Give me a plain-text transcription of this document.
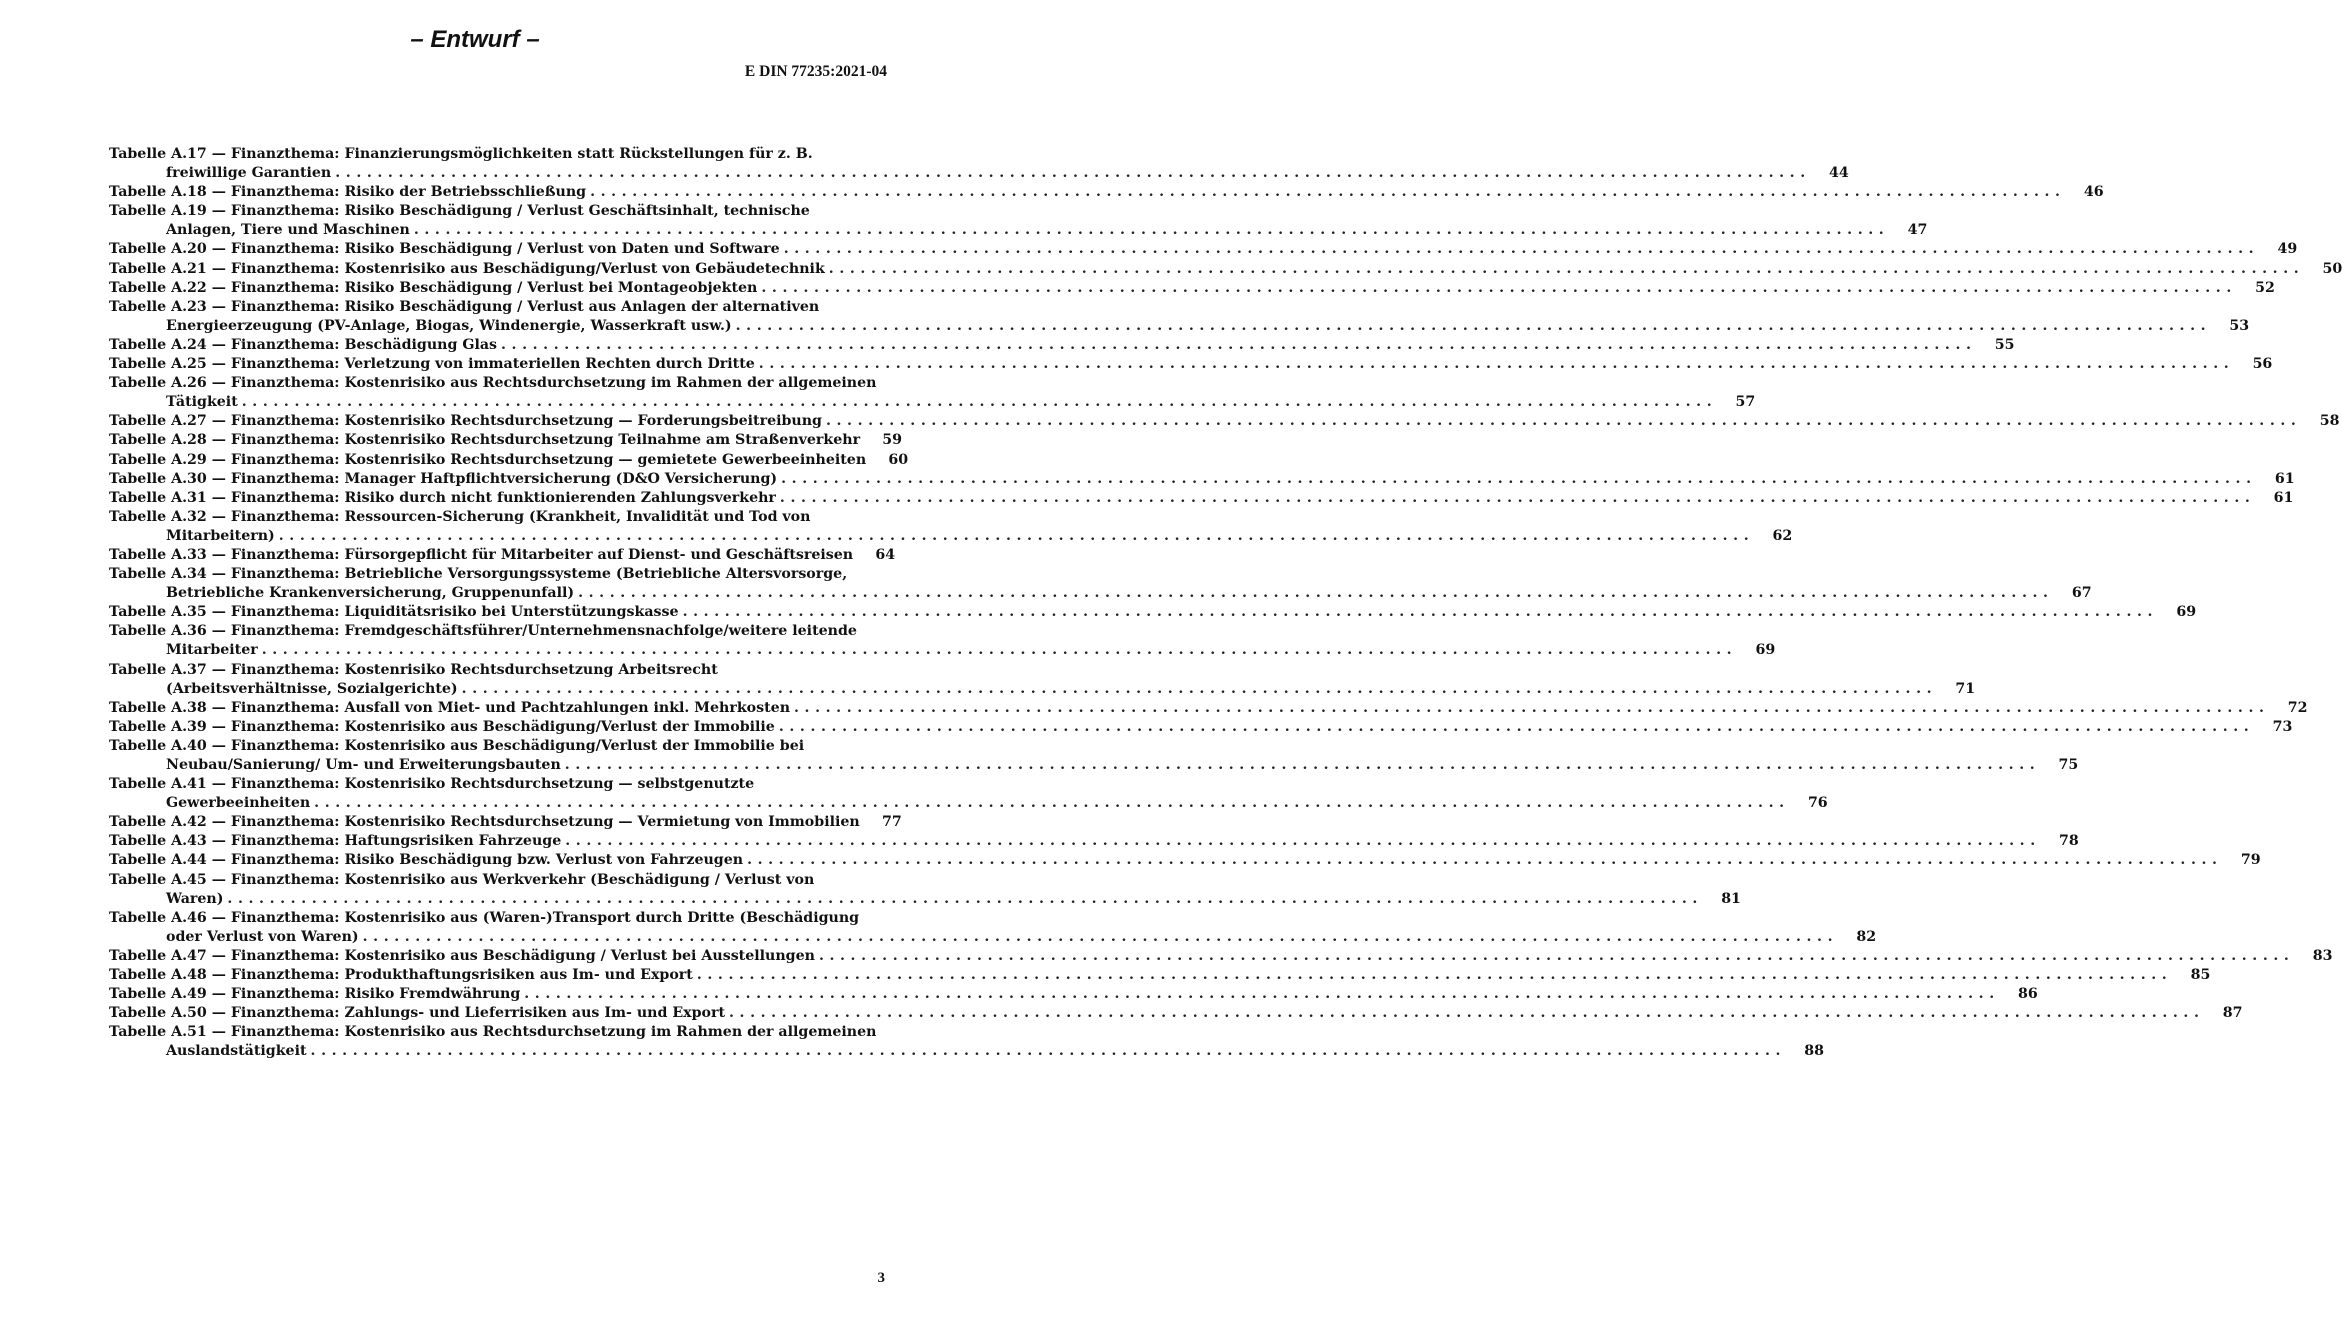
– Entwurf –
E DIN 77235:2021-04
Tabelle A.17 — Finanzthema: Finanzierungsmöglichkeiten statt Rückstellungen für z. B.
freiwillige Garantien ............................................................................................................................................	44
Tabelle A.18 — Finanzthema: Risiko der Betriebsschließung ............................................................................................................................................	46
Tabelle A.19 — Finanzthema: Risiko Beschädigung / Verlust Geschäftsinhalt, technische
Anlagen, Tiere und Maschinen ............................................................................................................................................	47
Tabelle A.20 — Finanzthema: Risiko Beschädigung / Verlust von Daten und Software ............................................................................................................................................	49
Tabelle A.21 — Finanzthema: Kostenrisiko aus Beschädigung/Verlust von Gebäudetechnik ............................................................................................................................................	50
Tabelle A.22 — Finanzthema: Risiko Beschädigung / Verlust bei Montageobjekten ............................................................................................................................................	52
Tabelle A.23 — Finanzthema: Risiko Beschädigung / Verlust aus Anlagen der alternativen
Energieerzeugung (PV-Anlage, Biogas, Windenergie, Wasserkraft usw.) ............................................................................................................................................	53
Tabelle A.24 — Finanzthema: Beschädigung Glas ............................................................................................................................................	55
Tabelle A.25 — Finanzthema: Verletzung von immateriellen Rechten durch Dritte ............................................................................................................................................	56
Tabelle A.26 — Finanzthema: Kostenrisiko aus Rechtsdurchsetzung im Rahmen der allgemeinen
Tätigkeit ............................................................................................................................................	57
Tabelle A.27 — Finanzthema: Kostenrisiko Rechtsdurchsetzung — Forderungsbeitreibung ............................................................................................................................................	58
Tabelle A.28 — Finanzthema: Kostenrisiko Rechtsdurchsetzung Teilnahme am Straßenverkehr	59
Tabelle A.29 — Finanzthema: Kostenrisiko Rechtsdurchsetzung — gemietete Gewerbeeinheiten	60
Tabelle A.30 — Finanzthema: Manager Haftpflichtversicherung (D&O Versicherung) ............................................................................................................................................	61
Tabelle A.31 — Finanzthema: Risiko durch nicht funktionierenden Zahlungsverkehr ............................................................................................................................................	61
Tabelle A.32 — Finanzthema: Ressourcen-Sicherung (Krankheit, Invalidität und Tod von
Mitarbeitern) ............................................................................................................................................	62
Tabelle A.33 — Finanzthema: Fürsorgepflicht für Mitarbeiter auf Dienst- und Geschäftsreisen	64
Tabelle A.34 — Finanzthema: Betriebliche Versorgungssysteme (Betriebliche Altersvorsorge,
Betriebliche Krankenversicherung, Gruppenunfall) ............................................................................................................................................	67
Tabelle A.35 — Finanzthema: Liquiditätsrisiko bei Unterstützungskasse ............................................................................................................................................	69
Tabelle A.36 — Finanzthema: Fremdgeschäftsführer/Unternehmensnachfolge/weitere leitende
Mitarbeiter ............................................................................................................................................	69
Tabelle A.37 — Finanzthema: Kostenrisiko Rechtsdurchsetzung Arbeitsrecht
(Arbeitsverhältnisse, Sozialgerichte) ............................................................................................................................................	71
Tabelle A.38 — Finanzthema: Ausfall von Miet- und Pachtzahlungen inkl. Mehrkosten ............................................................................................................................................	72
Tabelle A.39 — Finanzthema: Kostenrisiko aus Beschädigung/Verlust der Immobilie ............................................................................................................................................	73
Tabelle A.40 — Finanzthema: Kostenrisiko aus Beschädigung/Verlust der Immobilie bei
Neubau/Sanierung/ Um- und Erweiterungsbauten ............................................................................................................................................	75
Tabelle A.41 — Finanzthema: Kostenrisiko Rechtsdurchsetzung — selbstgenutzte
Gewerbeeinheiten ............................................................................................................................................	76
Tabelle A.42 — Finanzthema: Kostenrisiko Rechtsdurchsetzung — Vermietung von Immobilien	77
Tabelle A.43 — Finanzthema: Haftungsrisiken Fahrzeuge ............................................................................................................................................	78
Tabelle A.44 — Finanzthema: Risiko Beschädigung bzw. Verlust von Fahrzeugen ............................................................................................................................................	79
Tabelle A.45 — Finanzthema: Kostenrisiko aus Werkverkehr (Beschädigung / Verlust von
Waren) ............................................................................................................................................	81
Tabelle A.46 — Finanzthema: Kostenrisiko aus (Waren-)Transport durch Dritte (Beschädigung
oder Verlust von Waren) ............................................................................................................................................	82
Tabelle A.47 — Finanzthema: Kostenrisiko aus Beschädigung / Verlust bei Ausstellungen ............................................................................................................................................	83
Tabelle A.48 — Finanzthema: Produkthaftungsrisiken aus Im- und Export ............................................................................................................................................	85
Tabelle A.49 — Finanzthema: Risiko Fremdwährung ............................................................................................................................................	86
Tabelle A.50 — Finanzthema: Zahlungs- und Lieferrisiken aus Im- und Export ............................................................................................................................................	87
Tabelle A.51 — Finanzthema: Kostenrisiko aus Rechtsdurchsetzung im Rahmen der allgemeinen
Auslandstätigkeit ............................................................................................................................................	88
3
